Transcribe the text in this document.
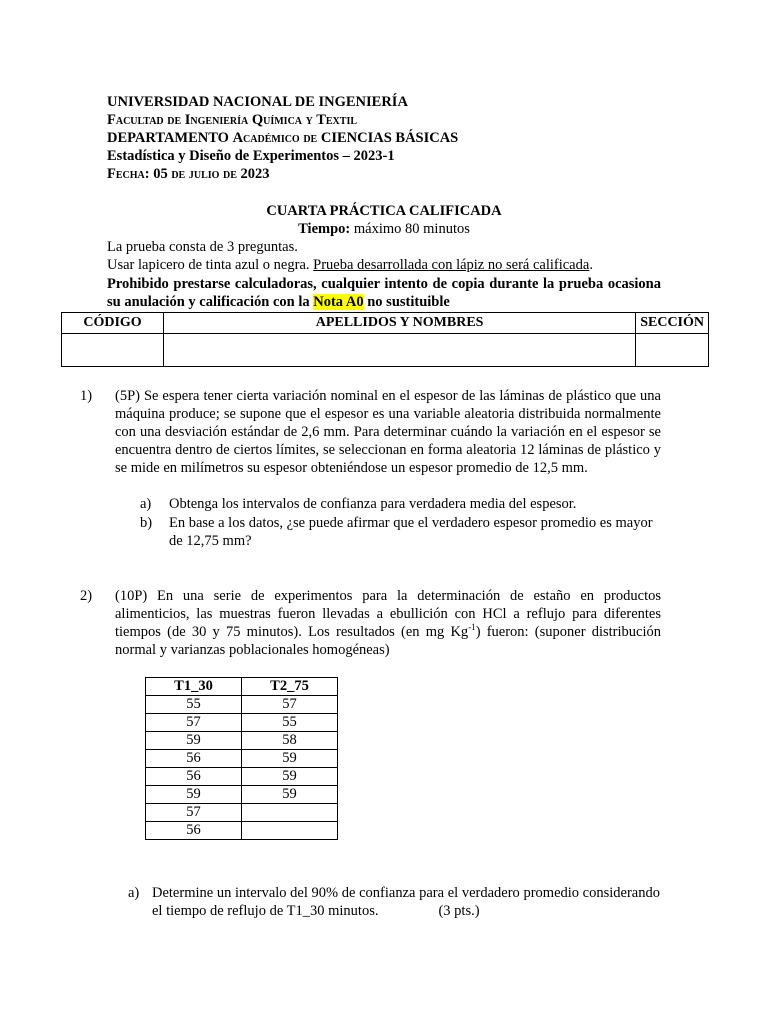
UNIVERSIDAD NACIONAL DE INGENIERÍA
Facultad de Ingeniería Química y Textil
DEPARTAMENTO Académico de CIENCIAS BÁSICAS
Estadística y Diseño de Experimentos – 2023-1
Fecha: 05 de julio de 2023
CUARTA PRÁCTICA CALIFICADA
Tiempo: máximo 80 minutos
La prueba consta de 3 preguntas.
Usar lapicero de tinta azul o negra. Prueba desarrollada con lápiz no será calificada.
Prohibido prestarse calculadoras, cualquier intento de copia durante la prueba ocasiona su anulación y calificación con la Nota A0 no sustituible
CÓDIGO	APELLIDOS Y NOMBRES	SECCIÓN

1) (5P) Se espera tener cierta variación nominal en el espesor de las láminas de plástico que una máquina produce; se supone que el espesor es una variable aleatoria distribuida normalmente con una desviación estándar de 2,6 mm. Para determinar cuándo la variación en el espesor se encuentra dentro de ciertos límites, se seleccionan en forma aleatoria 12 láminas de plástico y se mide en milímetros su espesor obteniéndose un espesor promedio de 12,5 mm.
a) Obtenga los intervalos de confianza para verdadera media del espesor.
b) En base a los datos, ¿se puede afirmar que el verdadero espesor promedio es mayor de 12,75 mm?
2) (10P) En una serie de experimentos para la determinación de estaño en productos alimenticios, las muestras fueron llevadas a ebullición con HCl a reflujo para diferentes tiempos (de 30 y 75 minutos). Los resultados (en mg $Kg^{-1}$) fueron: (suponer distribución normal y varianzas poblacionales homogéneas)
T1_30	T2_75
55	57
57	55
59	58
56	59
56	59
59	59
57	
56	
a) Determine un intervalo del 90% de confianza para el verdadero promedio considerando el tiempo de reflujo de T1_30 minutos.	(3 pts.)
